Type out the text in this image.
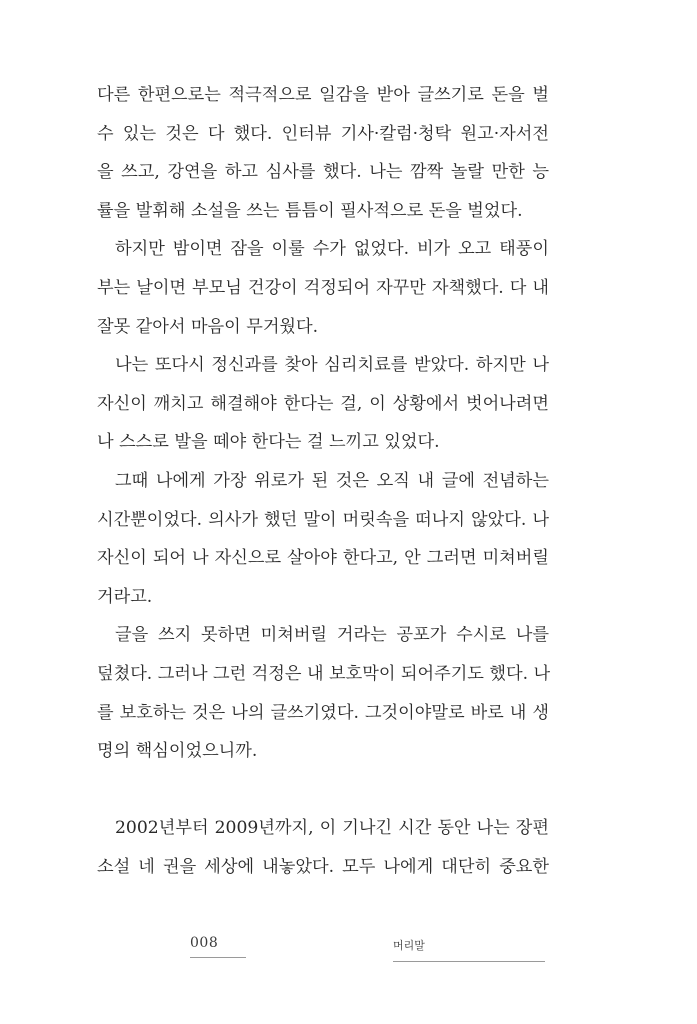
다른 한편으로는 적극적으로 일감을 받아 글쓰기로 돈을 벌
수 있는 것은 다 했다. 인터뷰 기사·칼럼·청탁 원고·자서전
을 쓰고, 강연을 하고 심사를 했다. 나는 깜짝 놀랄 만한 능
률을 발휘해 소설을 쓰는 틈틈이 필사적으로 돈을 벌었다.
하지만 밤이면 잠을 이룰 수가 없었다. 비가 오고 태풍이
부는 날이면 부모님 건강이 걱정되어 자꾸만 자책했다. 다 내
잘못 같아서 마음이 무거웠다.
나는 또다시 정신과를 찾아 심리치료를 받았다. 하지만 나
자신이 깨치고 해결해야 한다는 걸, 이 상황에서 벗어나려면
나 스스로 발을 떼야 한다는 걸 느끼고 있었다.
그때 나에게 가장 위로가 된 것은 오직 내 글에 전념하는
시간뿐이었다. 의사가 했던 말이 머릿속을 떠나지 않았다. 나
자신이 되어 나 자신으로 살아야 한다고, 안 그러면 미쳐버릴
거라고.
글을 쓰지 못하면 미쳐버릴 거라는 공포가 수시로 나를
덮쳤다. 그러나 그런 걱정은 내 보호막이 되어주기도 했다. 나
를 보호하는 것은 나의 글쓰기였다. 그것이야말로 바로 내 생
명의 핵심이었으니까.
2002년부터 2009년까지, 이 기나긴 시간 동안 나는 장편
소설 네 권을 세상에 내놓았다. 모두 나에게 대단히 중요한
008	머리말
